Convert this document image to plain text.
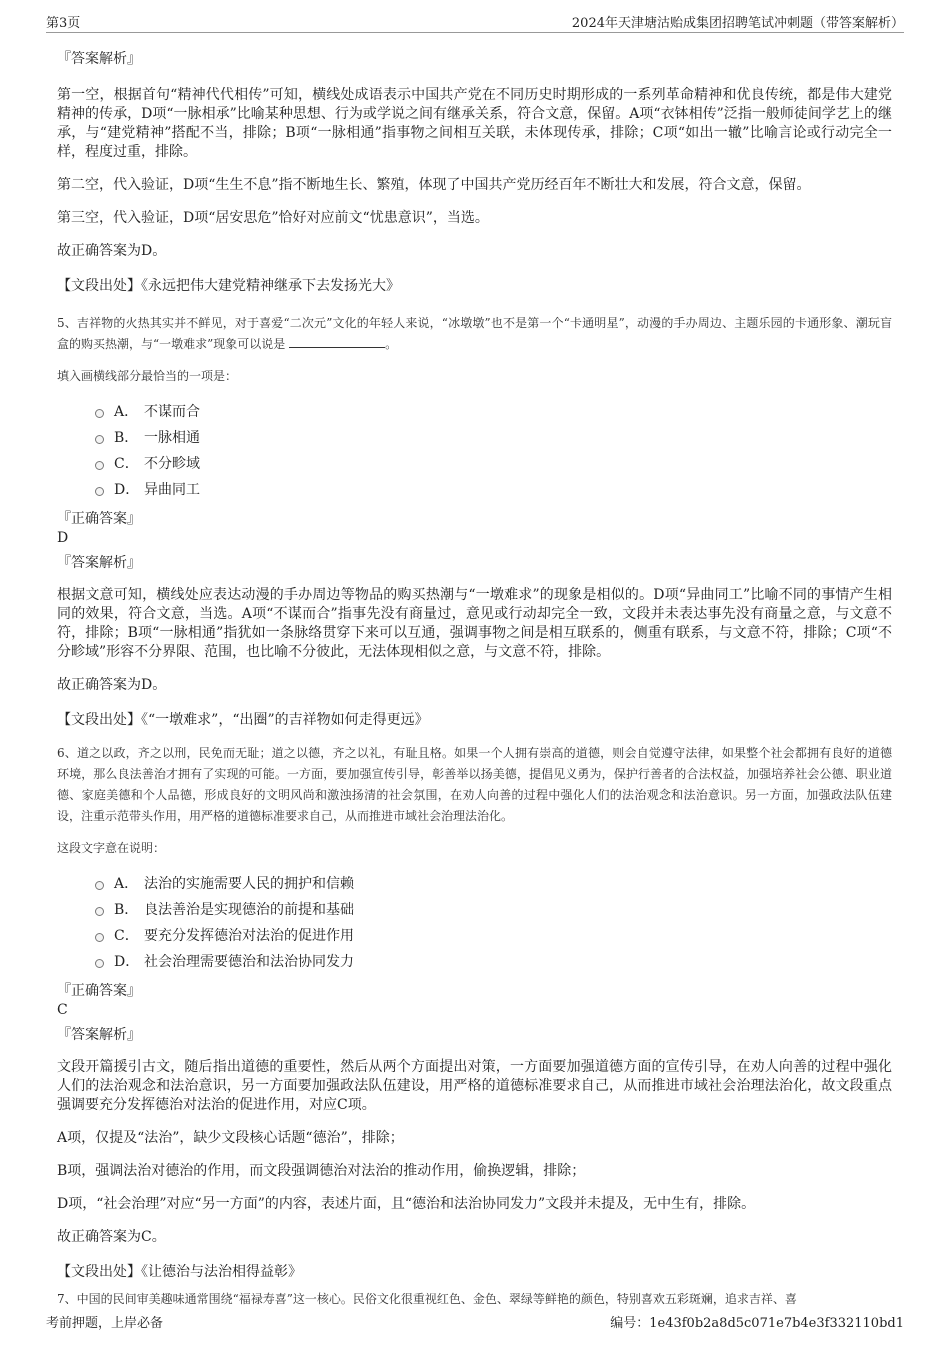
第3页	2024年天津塘沽贻成集团招聘笔试冲刺题（带答案解析）
『答案解析』
第一空，根据首句“精神代代相传”可知，横线处成语表示中国共产党在不同历史时期形成的一系列革命精神和优良传统，都是伟大建党精神的传承，D项“一脉相承”比喻某种思想、行为或学说之间有继承关系，符合文意，保留。A项“衣钵相传”泛指一般师徒间学艺上的继承，与“建党精神”搭配不当，排除；B项“一脉相通”指事物之间相互关联，未体现传承，排除；C项“如出一辙”比喻言论或行动完全一样，程度过重，排除。
第二空，代入验证，D项“生生不息”指不断地生长、繁殖，体现了中国共产党历经百年不断壮大和发展，符合文意，保留。
第三空，代入验证，D项“居安思危”恰好对应前文“忧患意识”，当选。
故正确答案为D。
【文段出处】《永远把伟大建党精神继承下去发扬光大》
5、吉祥物的火热其实并不鲜见，对于喜爱“二次元”文化的年轻人来说，“冰墩墩”也不是第一个“卡通明星”，动漫的手办周边、主题乐园的卡通形象、潮玩盲盒的购买热潮，与“一墩难求”现象可以说是	。
填入画横线部分最恰当的一项是：
A． 不谋而合
B． 一脉相通
C． 不分畛域
D． 异曲同工
『正确答案』
D
『答案解析』
根据文意可知，横线处应表达动漫的手办周边等物品的购买热潮与“一墩难求”的现象是相似的。D项“异曲同工”比喻不同的事情产生相同的效果，符合文意，当选。A项“不谋而合”指事先没有商量过，意见或行动却完全一致，文段并未表达事先没有商量之意，与文意不符，排除；B项“一脉相通”指犹如一条脉络贯穿下来可以互通，强调事物之间是相互联系的，侧重有联系，与文意不符，排除；C项“不分畛域”形容不分界限、范围，也比喻不分彼此，无法体现相似之意，与文意不符，排除。
故正确答案为D。
【文段出处】《“一墩难求”，“出圈”的吉祥物如何走得更远》
6、道之以政，齐之以刑，民免而无耻；道之以德，齐之以礼，有耻且格。如果一个人拥有崇高的道德，则会自觉遵守法律，如果整个社会都拥有良好的道德环境，那么良法善治才拥有了实现的可能。一方面，要加强宣传引导，彰善举以扬美德，提倡见义勇为，保护行善者的合法权益，加强培养社会公德、职业道德、家庭美德和个人品德，形成良好的文明风尚和激浊扬清的社会氛围，在劝人向善的过程中强化人们的法治观念和法治意识。另一方面，加强政法队伍建设，注重示范带头作用，用严格的道德标准要求自己，从而推进市域社会治理法治化。
这段文字意在说明：
A． 法治的实施需要人民的拥护和信赖
B． 良法善治是实现德治的前提和基础
C． 要充分发挥德治对法治的促进作用
D． 社会治理需要德治和法治协同发力
『正确答案』
C
『答案解析』
文段开篇援引古文，随后指出道德的重要性，然后从两个方面提出对策，一方面要加强道德方面的宣传引导，在劝人向善的过程中强化人们的法治观念和法治意识，另一方面要加强政法队伍建设，用严格的道德标准要求自己，从而推进市域社会治理法治化，故文段重点强调要充分发挥德治对法治的促进作用，对应C项。
A项，仅提及“法治”，缺少文段核心话题“德治”，排除；
B项，强调法治对德治的作用，而文段强调德治对法治的推动作用，偷换逻辑，排除；
D项，“社会治理”对应“另一方面”的内容，表述片面，且“德治和法治协同发力”文段并未提及，无中生有，排除。
故正确答案为C。
【文段出处】《让德治与法治相得益彰》
7、中国的民间审美趣味通常围绕“福禄寿喜”这一核心。民俗文化很重视红色、金色、翠绿等鲜艳的颜色，特别喜欢五彩斑斓，追求吉祥、喜
考前押题，上岸必备	编号：1e43f0b2a8d5c071e7b4e3f332110bd1
